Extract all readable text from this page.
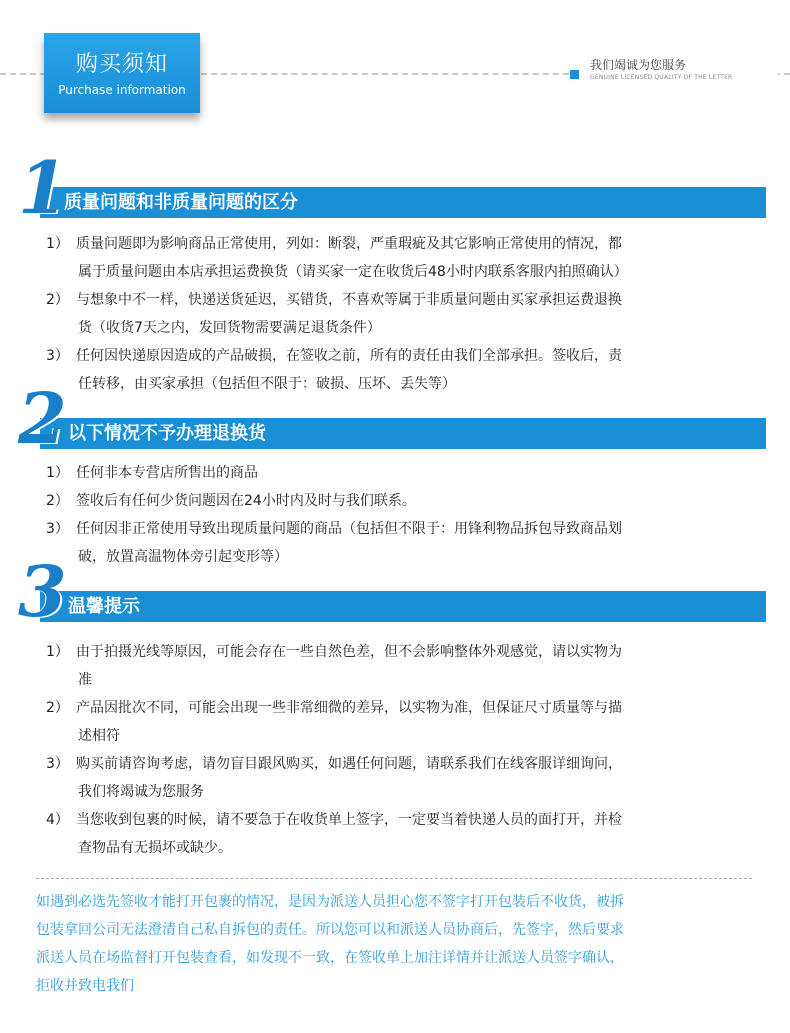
购买须知
Purchase information
我们竭诚为您服务
GENUINE LICENSED QUALITY OF THE LETTER
1
质量问题和非质量问题的区分
1） 质量问题即为影响商品正常使用，列如：断裂，严重瑕疵及其它影响正常使用的情况，都
属于质量问题由本店承担运费换货（请买家一定在收货后48小时内联系客服内拍照确认）
2） 与想象中不一样，快递送货延迟，买错货，不喜欢等属于非质量问题由买家承担运费退换
货（收货7天之内，发回货物需要满足退货条件）
3） 任何因快递原因造成的产品破损，在签收之前，所有的责任由我们全部承担。签收后，责
任转移，由买家承担（包括但不限于：破损、压坏、丢失等）
2 以下情况不予办理退换货
1） 任何非本专营店所售出的商品
2） 签收后有任何少货问题因在24小时内及时与我们联系。
3） 任何因非正常使用导致出现质量问题的商品（包括但不限于：用锋利物品拆包导致商品划
破，放置高温物体旁引起变形等）
3 温馨提示
1） 由于拍摄光线等原因，可能会存在一些自然色差，但不会影响整体外观感觉，请以实物为
准
2） 产品因批次不同，可能会出现一些非常细微的差异，以实物为准，但保证尺寸质量等与描
述相符
3） 购买前请咨询考虑，请勿盲目跟风购买，如遇任何问题，请联系我们在线客服详细询问，
我们将竭诚为您服务
4） 当您收到包裹的时候，请不要急于在收货单上签字，一定要当着快递人员的面打开，并检
查物品有无损坏或缺少。
如遇到必选先签收才能打开包裹的情况，是因为派送人员担心您不签字打开包装后不收货，被拆
包装拿回公司无法澄清自己私自拆包的责任。所以您可以和派送人员协商后，先签字，然后要求
派送人员在场监督打开包装查看，如发现不一致，在签收单上加注详情并让派送人员签字确认，
拒收并致电我们
